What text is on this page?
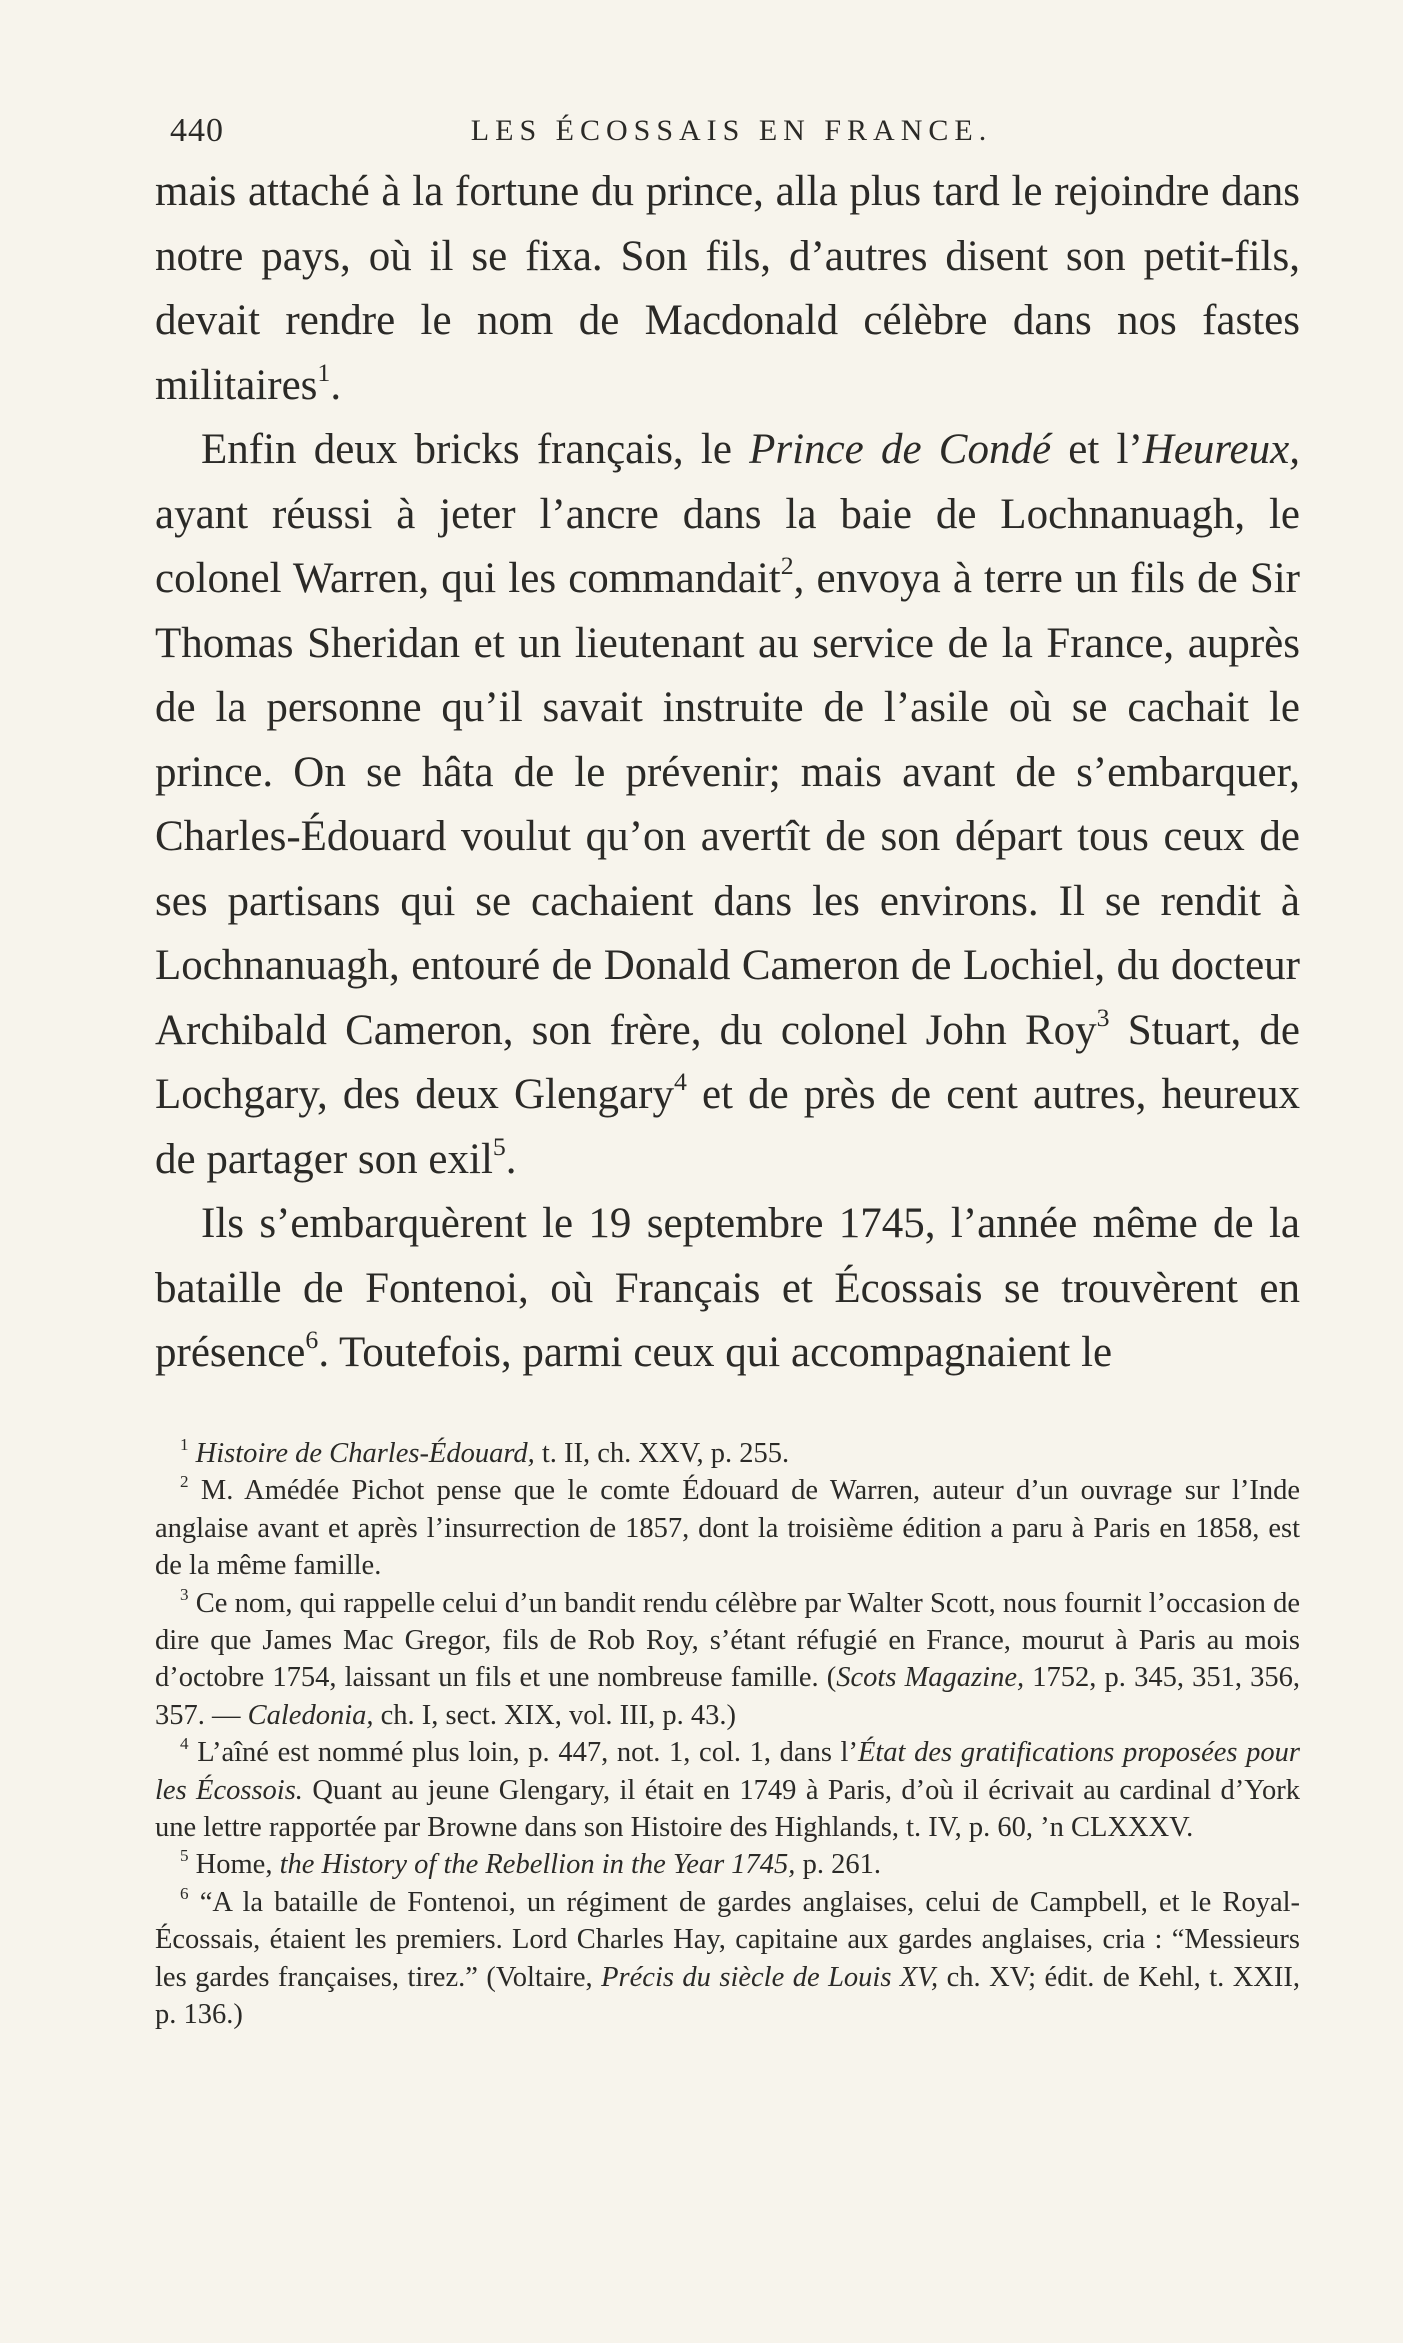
440	LES ÉCOSSAIS EN FRANCE.

mais attaché à la fortune du prince, alla plus tard le rejoindre dans notre pays, où il se fixa. Son fils, d’autres disent son petit-fils, devait rendre le nom de Macdonald célèbre dans nos fastes militaires$^1$.

Enfin deux bricks français, le Prince de Condé et l’Heureux, ayant réussi à jeter l’ancre dans la baie de Lochnanuagh, le colonel Warren, qui les commandait$^2$, envoya à terre un fils de Sir Thomas Sheridan et un lieutenant au service de la France, auprès de la personne qu’il savait instruite de l’asile où se cachait le prince. On se hâta de le prévenir; mais avant de s’embarquer, Charles-Édouard voulut qu’on avertît de son départ tous ceux de ses partisans qui se cachaient dans les environs. Il se rendit à Lochnanuagh, entouré de Donald Cameron de Lochiel, du docteur Archibald Cameron, son frère, du colonel John Roy$^3$ Stuart, de Lochgary, des deux Glengary$^4$ et de près de cent autres, heureux de partager son exil$^5$.

Ils s’embarquèrent le 19 septembre 1745, l’année même de la bataille de Fontenoi, où Français et Écossais se trouvèrent en présence$^6$. Toutefois, parmi ceux qui accompagnaient le

$^1$ Histoire de Charles-Édouard, t. II, ch. XXV, p. 255.

$^2$ M. Amédée Pichot pense que le comte Édouard de Warren, auteur d’un ouvrage sur l’Inde anglaise avant et après l’insurrection de 1857, dont la troisième édition a paru à Paris en 1858, est de la même famille.

$^3$ Ce nom, qui rappelle celui d’un bandit rendu célèbre par Walter Scott, nous fournit l’occasion de dire que James Mac Gregor, fils de Rob Roy, s’étant réfugié en France, mourut à Paris au mois d’octobre 1754, laissant un fils et une nombreuse famille. (Scots Magazine, 1752, p. 345, 351, 356, 357. — Caledonia, ch. I, sect. XIX, vol. III, p. 43.)

$^4$ L’aîné est nommé plus loin, p. 447, not. 1, col. 1, dans l’État des gratifications proposées pour les Écossois. Quant au jeune Glengary, il était en 1749 à Paris, d’où il écrivait au cardinal d’York une lettre rapportée par Browne dans son Histoire des Highlands, t. IV, p. 60, ’n CLXXXV.

$^5$ Home, the History of the Rebellion in the Year 1745, p. 261.

$^6$ “A la bataille de Fontenoi, un régiment de gardes anglaises, celui de Campbell, et le Royal-Écossais, étaient les premiers. Lord Charles Hay, capitaine aux gardes anglaises, cria : “Messieurs les gardes françaises, tirez.” (Voltaire, Précis du siècle de Louis XV, ch. XV; édit. de Kehl, t. XXII, p. 136.)
